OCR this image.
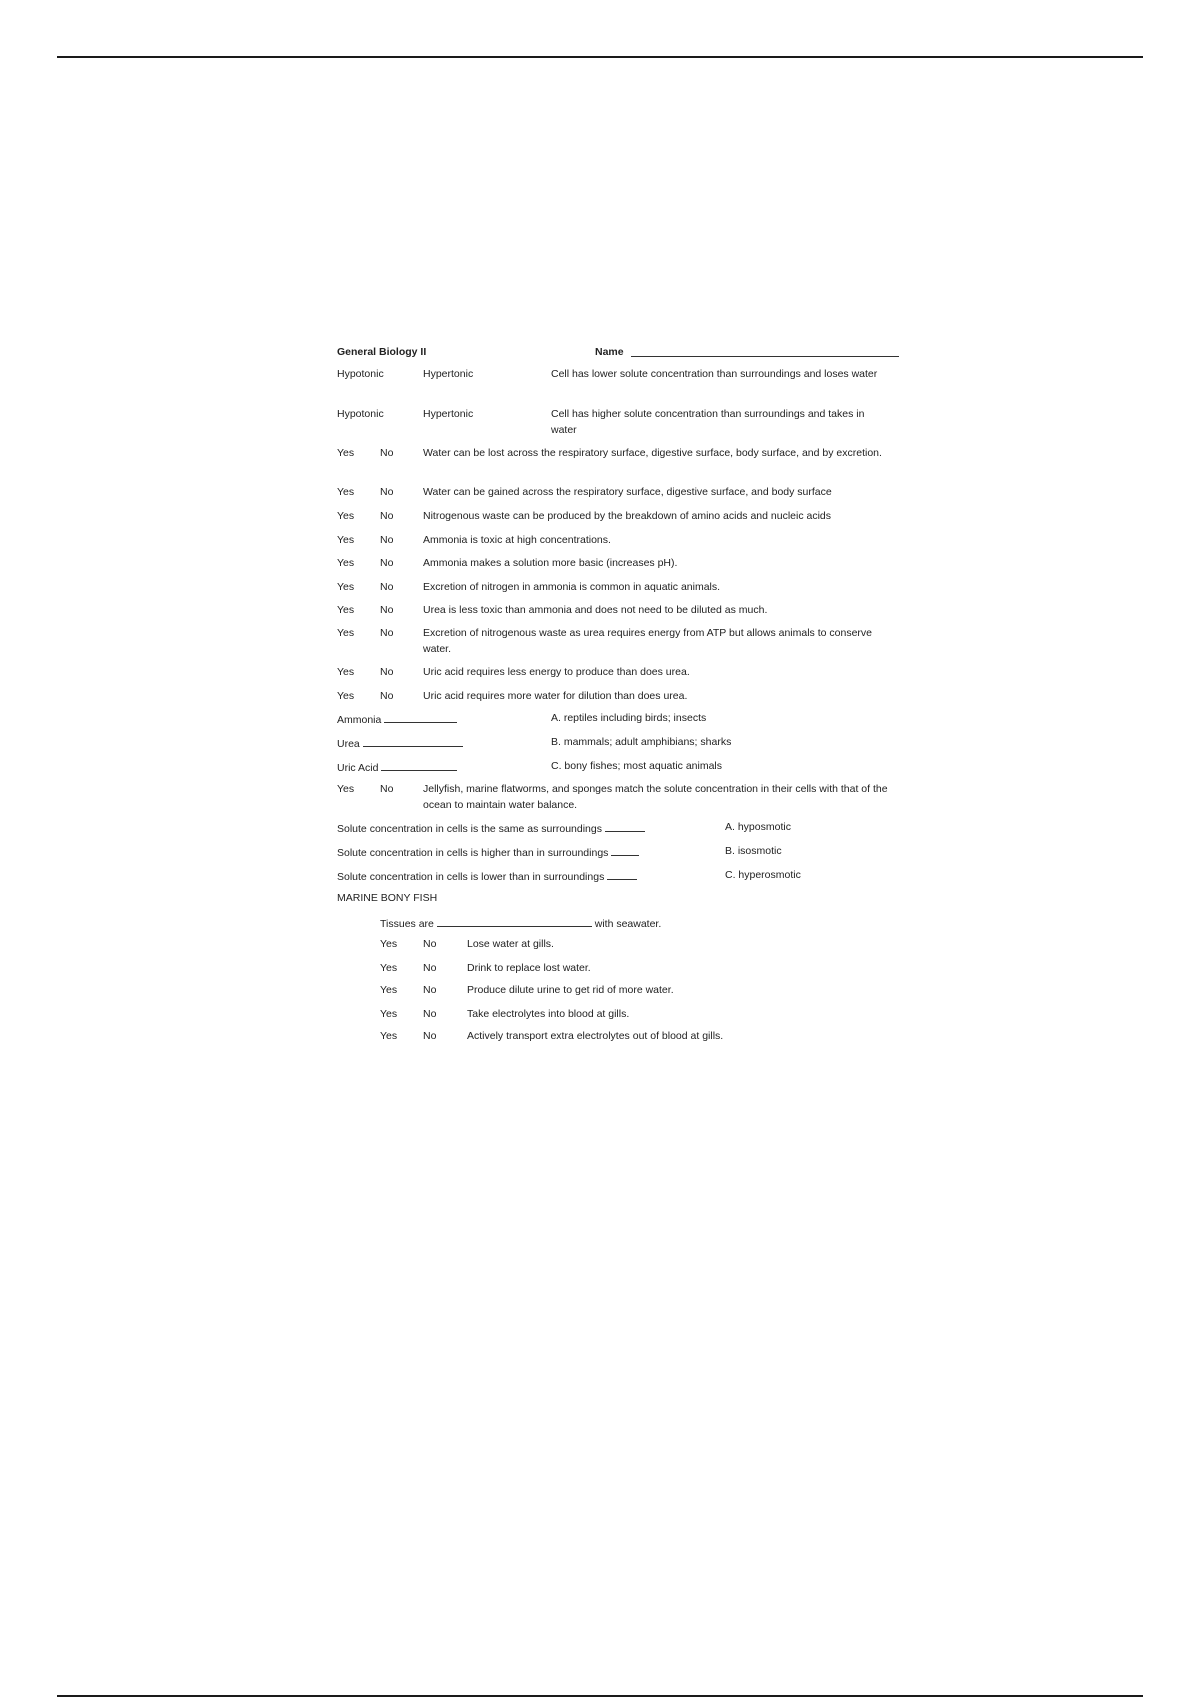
General Biology II	Name
Hypotonic	Hypertonic	Cell has lower solute concentration than surroundings and loses water
Hypotonic	Hypertonic	Cell has higher solute concentration than surroundings and takes in water
Yes No	Water can be lost across the respiratory surface, digestive surface, body surface, and by excretion.
Yes No	Water can be gained across the respiratory surface, digestive surface, and body surface
Yes No	Nitrogenous waste can be produced by the breakdown of amino acids and nucleic acids
Yes No	Ammonia is toxic at high concentrations.
Yes No	Ammonia makes a solution more basic (increases pH).
Yes No	Excretion of nitrogen in ammonia is common in aquatic animals.
Yes No	Urea is less toxic than ammonia and does not need to be diluted as much.
Yes No	Excretion of nitrogenous waste as urea requires energy from ATP but allows animals to conserve water.
Yes No	Uric acid requires less energy to produce than does urea.
Yes No	Uric acid requires more water for dilution than does urea.
Ammonia	A. reptiles including birds; insects
Urea	B. mammals; adult amphibians; sharks
Uric Acid	C. bony fishes; most aquatic animals
Yes No	Jellyfish, marine flatworms, and sponges match the solute concentration in their cells with that of the ocean to maintain water balance.
Solute concentration in cells is the same as surroundings	A. hyposmotic
Solute concentration in cells is higher than in surroundings	B. isosmotic
Solute concentration in cells is lower than in surroundings	C. hyperosmotic
MARINE BONY FISH
Tissues are	with seawater.
Yes No	Lose water at gills.
Yes No	Drink to replace lost water.
Yes No	Produce dilute urine to get rid of more water.
Yes No	Take electrolytes into blood at gills.
Yes No	Actively transport extra electrolytes out of blood at gills.
